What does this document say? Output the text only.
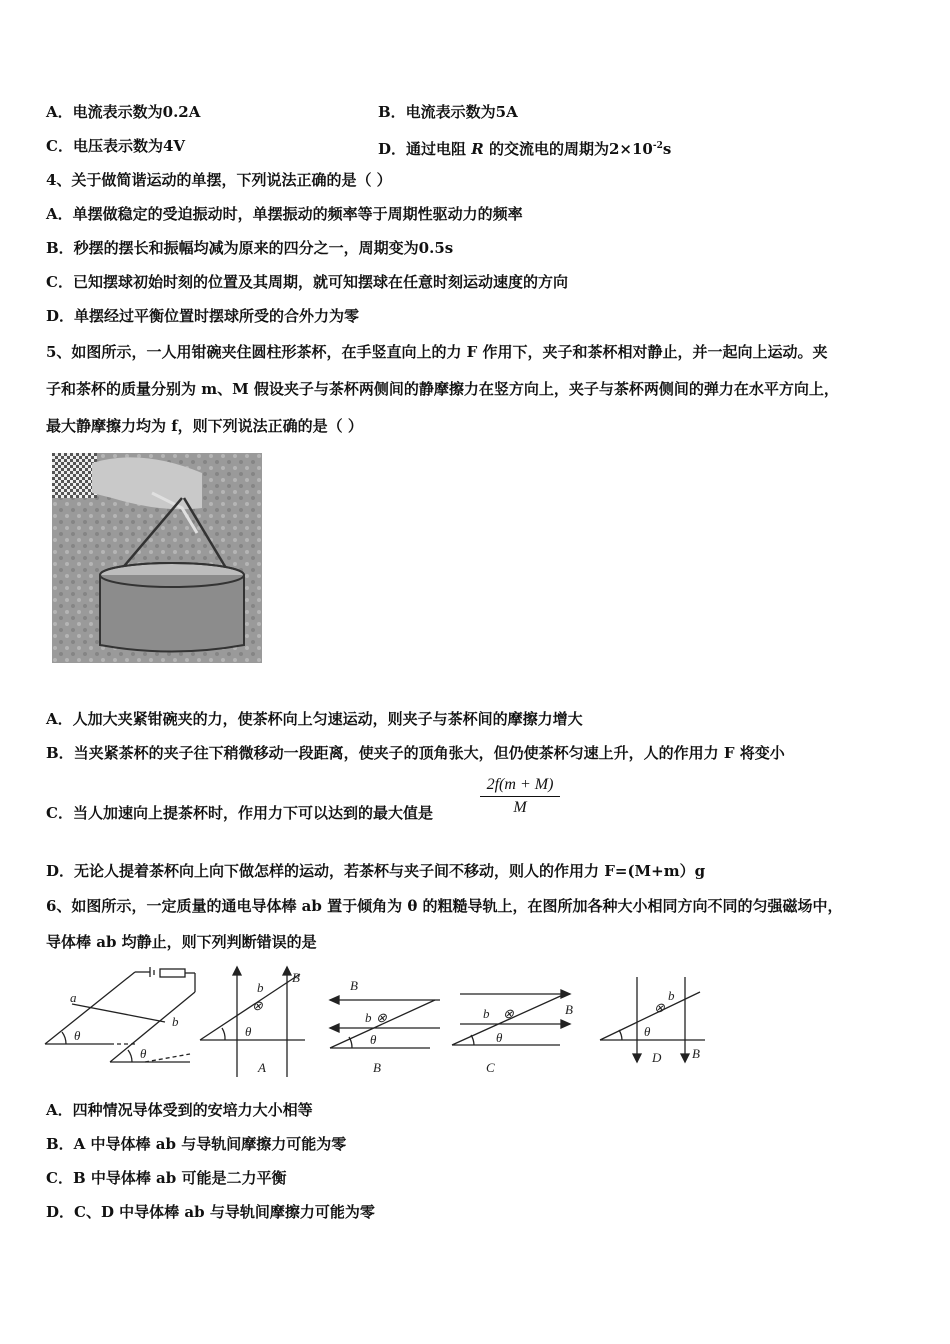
A．电流表示数为0.2A	B．电流表示数为5A
C．电压表示数为4V	D．通过电阻 R 的交流电的周期为$2\times 10^{-2}s$
4、关于做简谐运动的单摆，下列说法正确的是（ ）
A．单摆做稳定的受迫振动时，单摆振动的频率等于周期性驱动力的频率
B．秒摆的摆长和振幅均减为原来的四分之一，周期变为0.5s
C．已知摆球初始时刻的位置及其周期，就可知摆球在任意时刻运动速度的方向
D．单摆经过平衡位置时摆球所受的合外力为零
5、如图所示，一人用钳碗夹住圆柱形茶杯，在手竖直向上的力 F 作用下，夹子和茶杯相对静止，并一起向上运动。夹
子和茶杯的质量分别为 m、M 假设夹子与茶杯两侧间的静摩擦力在竖方向上，夹子与茶杯两侧间的弹力在水平方向上，
最大静摩擦力均为 f，则下列说法正确的是（ ）
A．人加大夹紧钳碗夹的力，使茶杯向上匀速运动，则夹子与茶杯间的摩擦力增大
B．当夹紧茶杯的夹子往下稍微移动一段距离，使夹子的顶角张大，但仍使茶杯匀速上升，人的作用力 F 将变小
C．当人加速向上提茶杯时，作用力下可以达到的最大值是	$\frac{2f(m + M)}{M}$
D．无论人提着茶杯向上向下做怎样的运动，若茶杯与夹子间不移动，则人的作用力 F=(M+m）g
6、如图所示，一定质量的通电导体棒 ab 置于倾角为 θ 的粗糙导轨上，在图所加各种大小相同方向不同的匀强磁场中，
导体棒 ab 均静止，则下列判断错误的是
a
b
θ
θ
b
⊗
B
θ
A
B
b ⊗
θ
B
b ⊗	B
θ
C
b
⊗
θ
D B
A．四种情况导体受到的安培力大小相等
B．A 中导体棒 ab 与导轨间摩擦力可能为零
C．B 中导体棒 ab 可能是二力平衡
D．C、D 中导体棒 ab 与导轨间摩擦力可能为零
